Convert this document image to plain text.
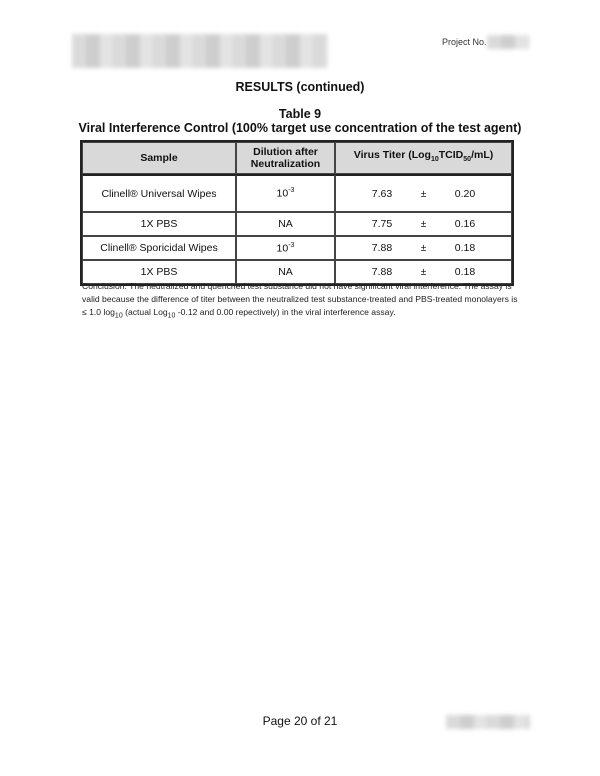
Project No.
RESULTS (continued)
Table 9
Viral Interference Control (100% target use concentration of the test agent)
Sample	Dilution after Neutralization	Virus Titer $(Log_{10}TCID_{50}/mL)$
Clinell® Universal Wipes	$10^{-3}$	7.63 ± 0.20

1X PBS	NA	7.75 ± 0.16

Clinell® Sporicidal Wipes	$10^{-3}$	7.88 ± 0.18

1X PBS	NA	7.88 ± 0.18
Conclusion: The neutralized and quenched test substance did not have significant viral interference. The assay is valid because the difference of titer between the neutralized test substance-treated and PBS-treated monolayers is ≤ 1.0 $\log_{10}$ (actual Log$_{10}$ -0.12 and 0.00 repectively) in the viral interference assay.
Page 20 of 21
